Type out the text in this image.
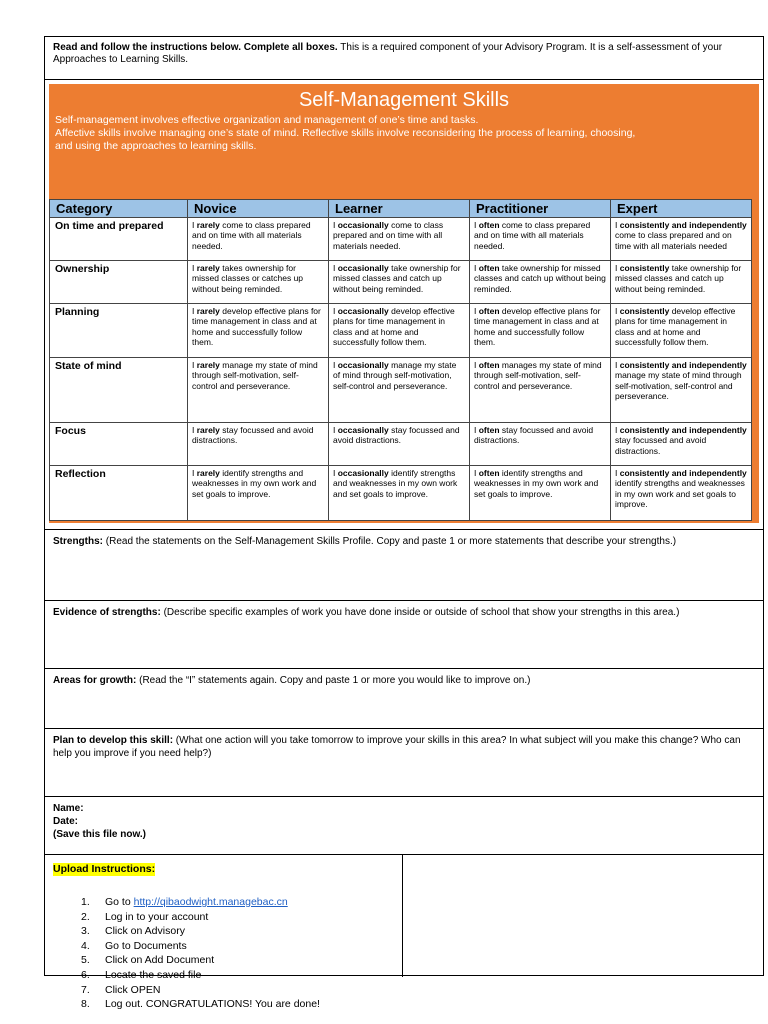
Read and follow the instructions below. Complete all boxes. This is a required component of your Advisory Program. It is a self-assessment of your Approaches to Learning Skills.
Self-Management Skills
Self-management involves effective organization and management of one’s time and tasks.
Affective skills involve managing one’s state of mind. Reflective skills involve reconsidering the process of learning, choosing,
and using the approaches to learning skills.
Category	Novice	Learner	Practitioner	Expert
On time and prepared	I rarely come to class prepared and on time with all materials needed.	I occasionally come to class prepared and on time with all materials needed.	I often come to class prepared and on time with all materials needed.	I consistently and independently come to class prepared and on time with all materials needed
Ownership	I rarely takes ownership for missed classes or catches up without being reminded.	I occasionally take ownership for missed classes and catch up without being reminded.	I often take ownership for missed classes and catch up without being reminded.	I consistently take ownership for missed classes and catch up without being reminded.
Planning	I rarely develop effective plans for time management in class and at home and successfully follow them.	I occasionally develop effective plans for time management in class and at home and successfully follow them.	I often develop effective plans for time management in class and at home and successfully follow them.	I consistently develop effective plans for time management in class and at home and successfully follow them.
State of mind	I rarely manage my state of mind through self-motivation, self-control and perseverance.	I occasionally manage my state of mind through self-motivation, self-control and perseverance.	I often manages my state of mind through self-motivation, self-control and perseverance.	I consistently and independently manage my state of mind through self-motivation, self-control and perseverance.
Focus	I rarely stay focussed and avoid distractions.	I occasionally stay focussed and avoid distractions.	I often stay focussed and avoid distractions.	I consistently and independently stay focussed and avoid distractions.
Reflection	I rarely identify strengths and weaknesses in my own work and set goals to improve.	I occasionally identify strengths and weaknesses in my own work and set goals to improve.	I often identify strengths and weaknesses in my own work and set goals to improve.	I consistently and independently identify strengths and weaknesses in my own work and set goals to improve.
Strengths: (Read the statements on the Self-Management Skills Profile. Copy and paste 1 or more statements that describe your strengths.)
Evidence of strengths: (Describe specific examples of work you have done inside or outside of school that show your strengths in this area.)
Areas for growth: (Read the “I” statements again. Copy and paste 1 or more you would like to improve on.)
Plan to develop this skill: (What one action will you take tomorrow to improve your skills in this area? In what subject will you make this change? Who can help you improve if you need help?)
Name:
Date:
(Save this file now.)
Upload Instructions:
1. Go to http://qibaodwight.managebac.cn
2. Log in to your account
3. Click on Advisory
4. Go to Documents
5. Click on Add Document
6. Locate the saved file
7. Click OPEN
8. Log out. CONGRATULATIONS! You are done!
